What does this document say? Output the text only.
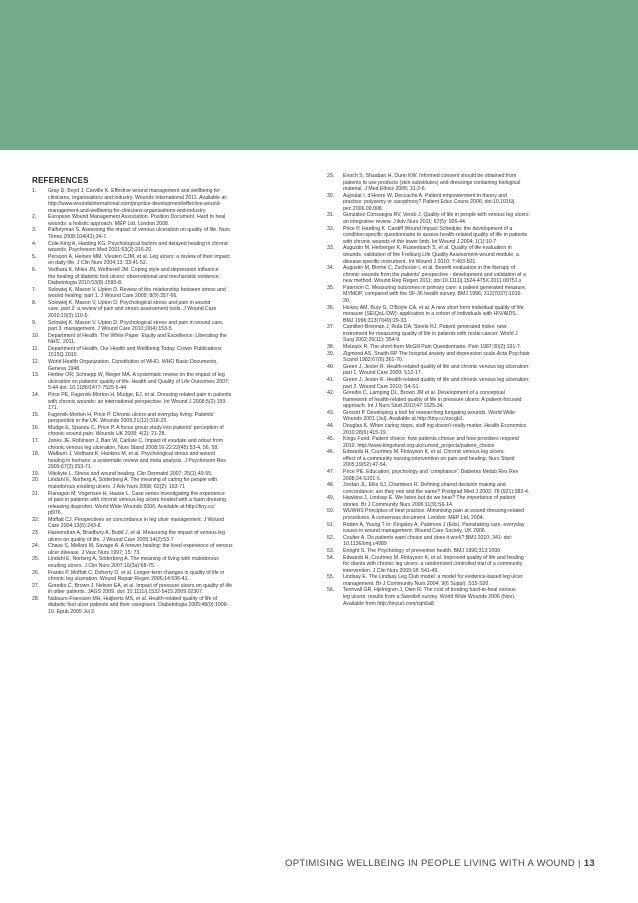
REFERENCES
1.	Gray D, Boyd J, Carville K. Effective wound management and wellbeing for
clinicians, organisations and industry. Wounds International 2011. Available at:
http://www.woundsinternational.com/practice-development/effective-wound-
management-and-wellbeing-for-clinicians-organisations-and-industry
2.	European Wound Management Association. Position Document. Hard to heal
wounds: a holistic approach. MEP Ltd, London 2008.
3.	Palfreyman S. Assessing the impact of venous ulceration on quality of life. Nurs
Times 2008;104(41):34-7.
4.	Cole-King A, Harding KG. Psychological factors and delayed healing in chronic
wounds. Psychosom Med 2001;63(2):216-20.
5.	Persoon A, Heinen MM, Vleuten CJM, et al. Leg ulcers: a review of their impact
on daily life. J Clin Nurs 2004;13: 33:41-52.
6.	Vedhara K, Miles JN, Wetherell JM. Coping style and depression influence
the healing of diabetic foot ulcers: observational and mechanistic evidence.
Diabetologia 2010;53(8):1590-8.
7.	Solowiej K, Mason V, Upton D. Review of the relationship between stress and
wound healing: part 1. J Wound Care 2009; 8(9):357-66.
8.	Solowiej K, Mason V, Upton D. Psychological stress and pain in wound
care, part 2: a review of pain and stress assessment tools. J Wound Care
2010;19(3):110-5.
9.	Solowiej K, Mason V, Upton D. Psychological stress and pain in wound care,
part 3: management. J Wound Care 2010;19(4):153-5.
10.	Department of Health. The White Paper 'Equity and Excellence: Liberating the
NHS', 2011.
11.	Department of Health. Our Health and Wellbeing Today. Crown Publications
1515Q 2010.
12.	World Health Organization. Constitution of WHO. WHO Basic Documents,
Geneva 1948.
13.	Herber OR, Schnepp W, Rieger MA. A systematic review on the impact of leg
ulceration on patients' quality of life. Health and Quality of Life Outcomes 2007;
5:44 doi: 10.1186/1477-7525-5-44.
14.	Price PE, Fagervik-Morton H, Mudge, EJ, et al. Dressing related pain in patients
with chronic wounds: an international perspective. Int Wound J 2008;5(2):159-
171.
15.	Fagervik-Morton H, Price P. Chronic ulcers and everyday living: Patients'
perspective in the UK. Wounds 2009;21(12):318-23.
16.	Mudge E, Spanou C, Price P. A focus group study into patients' perception of
chronic wound pain. Wounds UK 2008; 4(2): 21-28.
17.	Jones JE, Robinson J, Barr W, Carlisle C. Impact of exudate and odour from
chronic venous leg ulceration. Nurs Stand 2008;16-22;22(45):53-4, 56, 58.
18.	Walburn J, Vedhara K, Hankins M, et al. Psychological stress and wound
healing in humans: a systematic review and meta analysis. J Psychosom Res
2009;67(3):253-71.
19.	Vileikyte L. Stress and wound healing. Clin Dermatol 2007; 25(1):49-55.
20.	Lindahl E, Norberg A, Söderberg A. The meaning of caring for people with
malodorous exuding ulcers. J Adv Nurs 2008; 62(2): 163-71
21.	Flanagan M, Vogensen H, Haase L. Case series investigating the experience
of pain in patients with chronic venous leg ulcers treated with a foam dressing
releasing ibuprofen. World Wide Wounds 2006. Available at:http://tiny.cc/
p8i76.
22.	Moffatt CJ. Perspectives on concordance in leg ulcer management. J Wound
Care 2004;13(6):243-8.
23.	Hareendran A, Bradbury A, Budd J, et al. Measuring the impact of venous leg
ulcers on quality of life. J Wound Care 2005;14(2):53-7
24.	Chase S, Melloni M, Savage A. A forever healing: the lived experience of venous
ulcer disease. J Vasc Nurs 1997; 15: 73.
25.	Lindahl E, Norberg A, Söderberg A. The meaning of living with malodorous
exuding ulcers. J Clin Nurs 2007;16(3a):68-75.
26.	Franks P, Moffatt C, Doherty D, et al. Longer-term changes in quality of life in
chronic leg ulceration. Wound Repair Regen 2006;14:536-41.
27.	Goredio C, Brown J, Nelson EA, et al. Impact of pressure ulcers on quality of life
in older patients. JAGS 2009. doi: 10.1111/j.1532-5415.2009.02307.
28.	Nabuurs-Franssen MH, Huijberts MS, et al. Health-related quality of life of
diabetic foot ulcer patients and their caregivers. Diabetologia 2005;48(9):1906-
10. Epub 2005 Jul 2.
29.	Enoch S, Shaaban H, Dunn KW. Informed consent should be obtained from
patients to use products (skin substitutes) and dressings containing biological
material. J Med Ethics 2005; 31:2-6.
30.	Aujoulat I, d'Hoore W, Deccache A. Patient empowerment in theory and
practice: polysemy or cacophony? Patient Educ Couns 2006; doi:10.1016/j.
pec.2006.09.008.
31.	González-Consuegra RV, Verdú J. Quality of life in people with venous leg ulcers:
an integrative review. J Adv Nurs 2011; 67(5): 926-44.
32.	Price P, Harding K. Cardiff Wound Impact Schedule: the development of a
condition-specific questionnaire to assess health-related quality of life in patients
with chronic wounds of the lower limb. Int Wound J 2004; 1(1):10-7
33.	Augustin M, Herberger K, Rustenbach S, et al. Quality of life evaluation in
wounds: validation of the Freiburg Life Quality Assessment-wound module, a
disease-specific instrument. Int Wound J 2010; 7:493-501.
34.	Augustin M, Blome C, Zschocke I, et al. Benefit evaluation in the therapy of
chronic wounds from the patients' perspective - development and validation of a
new method. Wound Rep Regen 2011; doi:10.1111/j.1524-475X.2011.00751.x
35.	Paterson C. Measuring outcomes in primary care: a patient generated measure,
MYMOP, compared with the SF-36 health survey. BMJ 1996; 312(7037):1016-
20.
36.	Hickey AM, Bury G, O'Boyle CA, et al. A new short form individual quality of life
measure (SEIQoL-DW): application in a cohort of individuals with HIV/AIDS.
BMJ 1996;313(7049):29-33.
37.	Camilleri-Brennan J, Ruta DA, Steele RJ. Patient generated index: new
instrument for measuring quality of life in patients with rectal cancer. World J
Surg 2002;26(11): 354-9.
38.	Melzack R. The short-form McGill Pain Questionnaire. Pain 1987;30(2):191-7.
39.	Zigmond AS, Snaith RP The hospital anxiety and depression scale.Acta Psychiatr
Scand 1983;67(6):361-70.
40.	Green J, Jester R. Health-related quality of life and chronic venous leg ulceration:
part 1. Wound Care 2009; S12-17.
41.	Green J, Jester R. Health-related quality of life and chronic venous leg ulceration:
part 2. Wound Care 2010; S4-S1.
42.	Goredio C, Lamping DL, Brown JM et al. Development of a conceptual
framework of health-related quality of life in pressure ulcers: A patient-focused
approach. Int J Nurs Stud 2010;47:1525-34.
43.	Grocott P. Developing a tool for researching fungating wounds. World Wide
Wounds 2001 (Jul). Available at http://tiny.cc/zocgb1.
44.	Douglas K. When caring stops, staff ing doesn't really matter. Health Economics
2010;28(6):415-19.
45.	Kings Fund. Patient choice: how patients choose and how providers respond
2010. http://www.kingsfund.org.uk/current_projects/patient_choice
46.	Edwards H, Courtney M, Finlayson K, et al. Chronic venous leg ulcers:
effect of a community nursing intervention on pain and healing. Nurs Stand
2005;19(52):47-54.
47.	Price PE. Education, psychology and 'compliance'. Diabetes Metab Res Rev
2008;24:S101-5.
48.	Jordan JL, Ellis SJ, Chambers R. Defining shared decision making and
concordance: are they one and the same? Postgrad Med J 2002; 78 (921):383-4.
49.	Hawkins J, Lindsay E. We listen but do we hear? The importance of patient
stories. Br J Community Nurs 2006;11(9):S6-14.
50.	WUWHS Principles of best practice: Minimising pain at wound dressing-related
procedures. A consensus document. London: MEP Ltd, 2004.
51.	Roden A, Young T In: Kingsley A, Padmore J (Eds). Painstaking care, everyday
issues in wound management. Wound Care Society, UK 2006.
52.	Coulter A. Do patients want choice and does it work? BMJ 2010; 341: doi:
10.1136/bmj.c4989
53.	Enright S. The Psychology of preventive health. BMJ 1996;313:1090.
54.	Edwards H, Courtney M, Finlayson K, et al. Improved quality of life and healing
for clients with chronic leg ulcers: a randomised controlled trial of a community
intervention. J Clin Nurs 2009;18: 541-49.
55.	Lindsay E. The Lindsay Leg Club model: a model for evidence-based leg ulcer
management. Br J Community Nurs 2004; 9(6 Suppl): S15-S20.
56.	Tennvall GR, Hjelmgren J, Oien R. The cost of treating hard-to-heal venous
leg ulcers: results from a Swedish survey. World Wide Wounds 2006 (Nov).
Available from http://tinyurl.com/cqh6a8
OPTIMISING WELLBEING IN PEOPLE LIVING WITH A WOUND | 13
